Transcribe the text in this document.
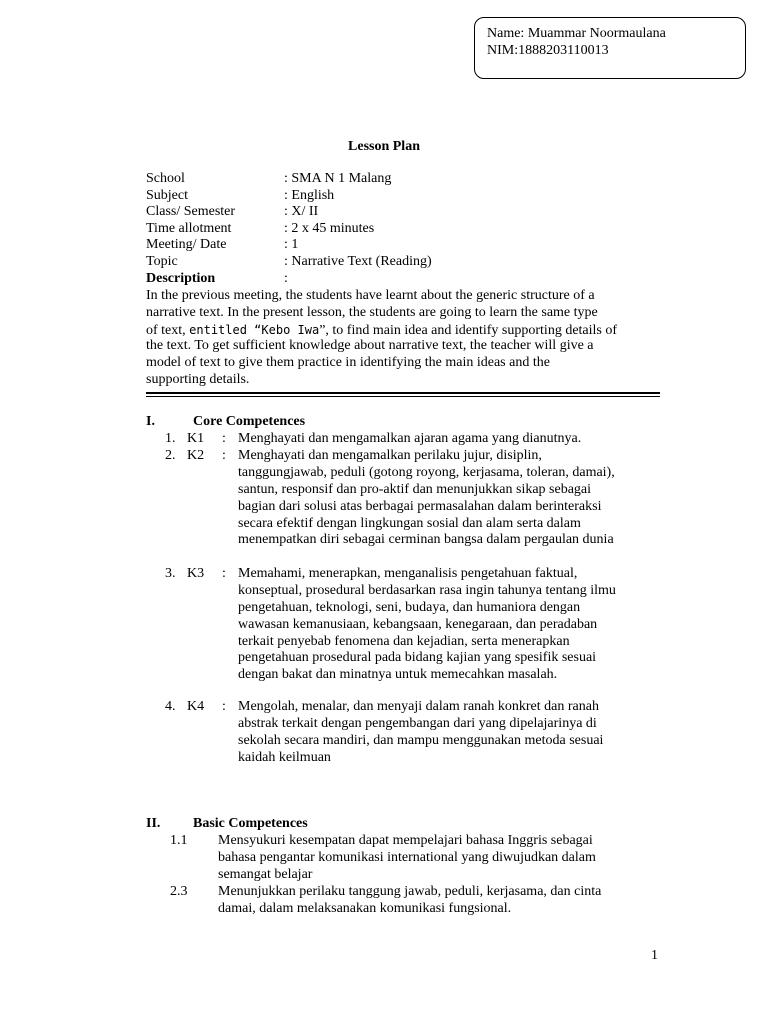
Name: Muammar Noormaulana
NIM:1888203110013
Lesson Plan
School	: SMA N 1 Malang
Subject	: English
Class/ Semester	: X/ II
Time allotment	: 2 x 45 minutes
Meeting/ Date	: 1
Topic	: Narrative Text (Reading)
Description	:
In the previous meeting, the students have learnt about the generic structure of a
narrative text. In the present lesson, the students are going to learn the same type
of text, entitled “Kebo Iwa”, to find main idea and identify supporting details of
the text. To get sufficient knowledge about narrative text, the teacher will give a
model of text to give them practice in identifying the main ideas and the
supporting details.
I.	Core Competences
1. K1 : Menghayati dan mengamalkan ajaran agama yang dianutnya.
2. K2 : Menghayati dan mengamalkan perilaku jujur, disiplin,
tanggungjawab, peduli (gotong royong, kerjasama, toleran, damai),
santun, responsif dan pro-aktif dan menunjukkan sikap sebagai
bagian dari solusi atas berbagai permasalahan dalam berinteraksi
secara efektif dengan lingkungan sosial dan alam serta dalam
menempatkan diri sebagai cerminan bangsa dalam pergaulan dunia
3. K3 : Memahami, menerapkan, menganalisis pengetahuan faktual,
konseptual, prosedural berdasarkan rasa ingin tahunya tentang ilmu
pengetahuan, teknologi, seni, budaya, dan humaniora dengan
wawasan kemanusiaan, kebangsaan, kenegaraan, dan peradaban
terkait penyebab fenomena dan kejadian, serta menerapkan
pengetahuan prosedural pada bidang kajian yang spesifik sesuai
dengan bakat dan minatnya untuk memecahkan masalah.
4. K4 : Mengolah, menalar, dan menyaji dalam ranah konkret dan ranah
abstrak terkait dengan pengembangan dari yang dipelajarinya di
sekolah secara mandiri, dan mampu menggunakan metoda sesuai
kaidah keilmuan
II. Basic Competences
1.1 Mensyukuri kesempatan dapat mempelajari bahasa Inggris sebagai
bahasa pengantar komunikasi international yang diwujudkan dalam
semangat belajar
2.3 Menunjukkan perilaku tanggung jawab, peduli, kerjasama, dan cinta
damai, dalam melaksanakan komunikasi fungsional.
1
